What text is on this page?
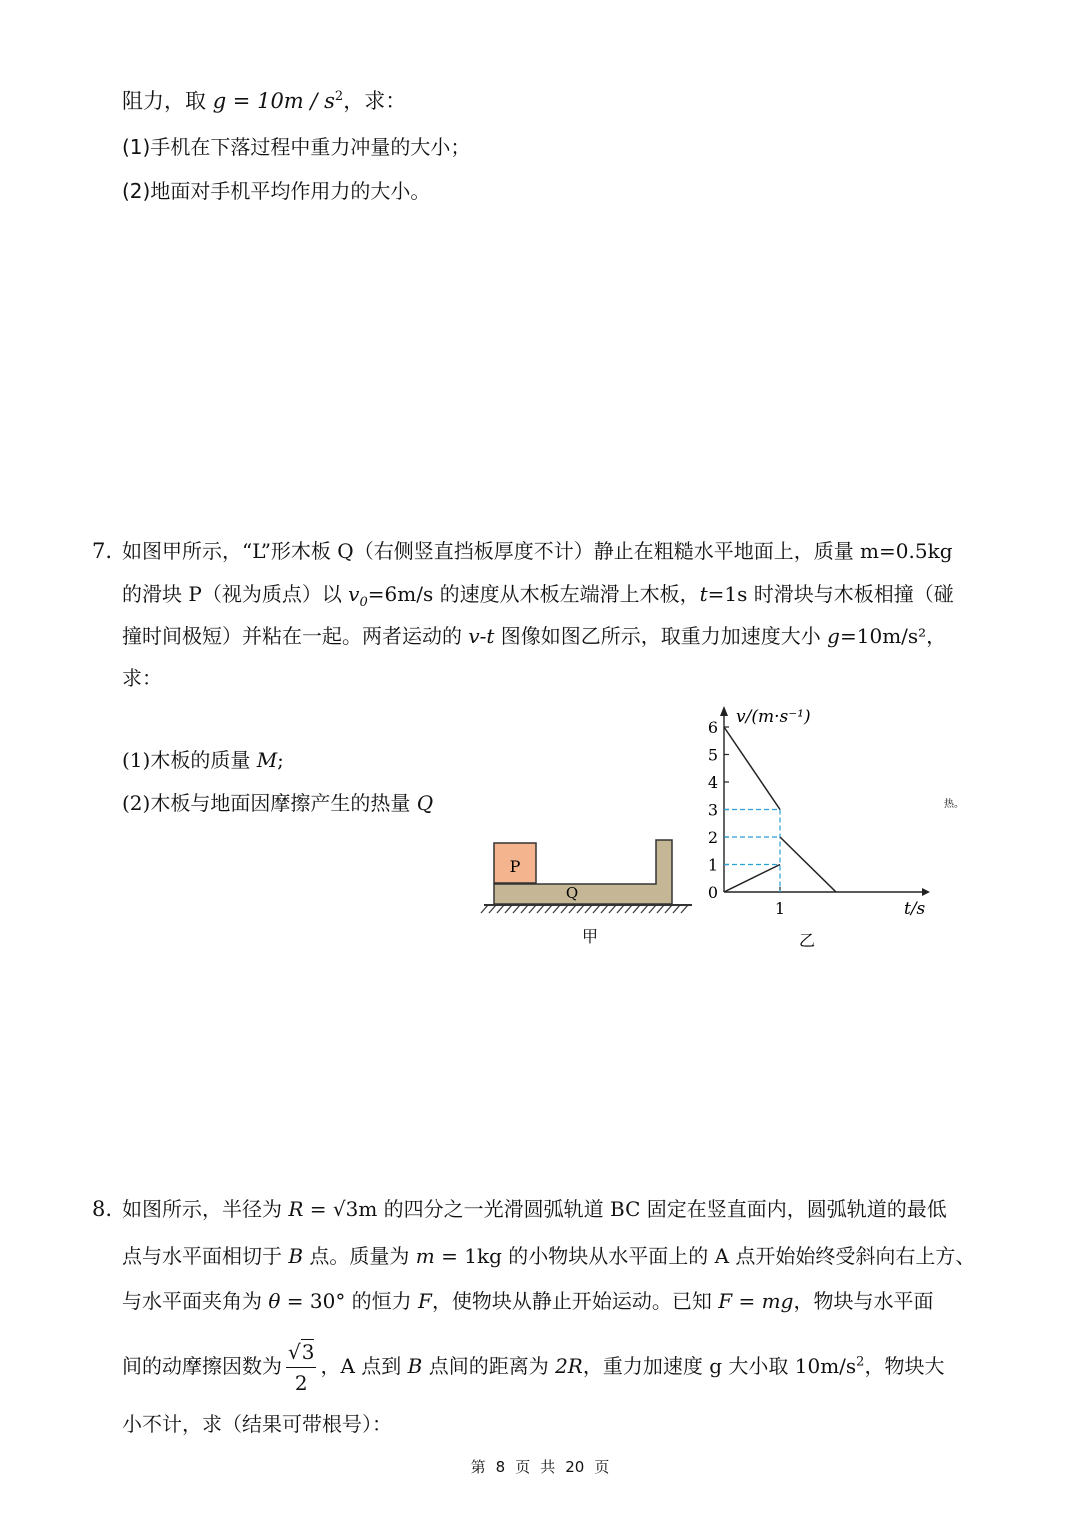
阻力，取 $g = 10m / s^2$，求：
(1)手机在下落过程中重力冲量的大小；
(2)地面对手机平均作用力的大小。
7. 如图甲所示，“L”形木板 Q（右侧竖直挡板厚度不计）静止在粗糙水平地面上，质量 m=0.5kg
的滑块 P（视为质点）以 $v_0=6m/s$ 的速度从木板左端滑上木板，t=1s 时滑块与木板相撞（碰
撞时间极短）并粘在一起。两者运动的 v-t 图像如图乙所示，取重力加速度大小 g=10m/s²，
求：
(1)木板的质量 M;
(2)木板与地面因摩擦产生的热量 Q	热。
P
Q
甲
v/(m·s⁻¹)
t/s
0
1
2
3
4
5
6
1
乙
8. 如图所示，半径为 R = √3m 的四分之一光滑圆弧轨道 BC 固定在竖直面内，圆弧轨道的最低
点与水平面相切于 B 点。质量为 m = 1kg 的小物块从水平面上的 A 点开始始终受斜向右上方、
与水平面夹角为 θ = 30° 的恒力 F，使物块从静止开始运动。已知 F = mg，物块与水平面
间的动摩擦因数为 $\frac{√3}{2}$ ，A 点到 B 点间的距离为 2R，重力加速度 g 大小取 $10m/s^2$，物块大
小不计，求（结果可带根号）：
第 8 页 共 20 页
